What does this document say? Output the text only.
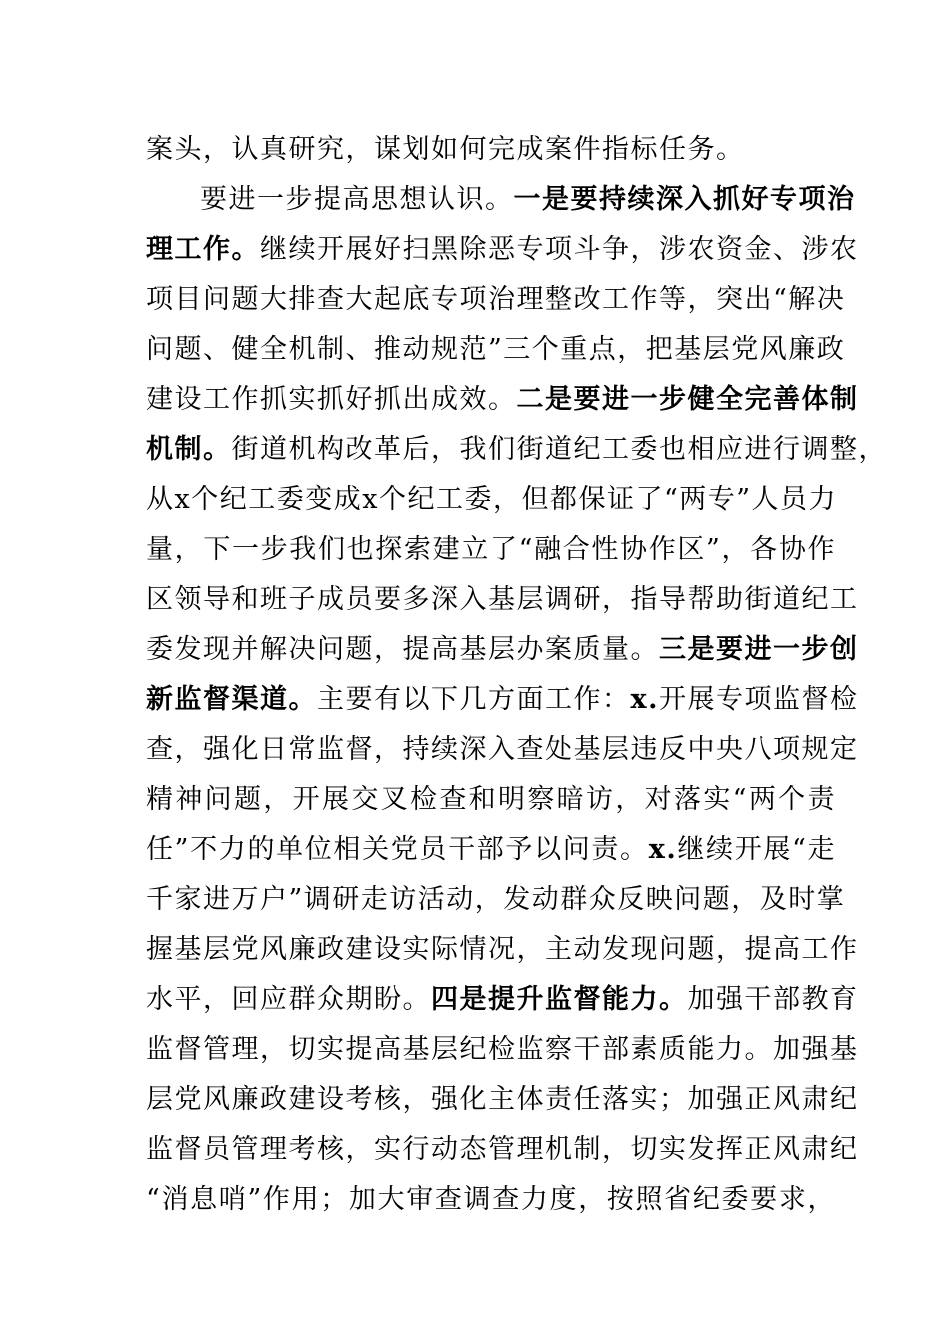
案头，认真研究，谋划如何完成案件指标任务。
要进一步提高思想认识。一是要持续深入抓好专项治
理工作。继续开展好扫黑除恶专项斗争，涉农资金、涉农
项目问题大排查大起底专项治理整改工作等，突出“解决
问题、健全机制、推动规范”三个重点，把基层党风廉政
建设工作抓实抓好抓出成效。二是要进一步健全完善体制
机制。街道机构改革后，我们街道纪工委也相应进行调整，
从x个纪工委变成x个纪工委，但都保证了“两专”人员力
量，下一步我们也探索建立了“融合性协作区”，各协作
区领导和班子成员要多深入基层调研，指导帮助街道纪工
委发现并解决问题，提高基层办案质量。三是要进一步创
新监督渠道。主要有以下几方面工作：x.开展专项监督检
查，强化日常监督，持续深入查处基层违反中央八项规定
精神问题，开展交叉检查和明察暗访，对落实“两个责
任”不力的单位相关党员干部予以问责。x.继续开展“走
千家进万户”调研走访活动，发动群众反映问题，及时掌
握基层党风廉政建设实际情况，主动发现问题，提高工作
水平，回应群众期盼。四是提升监督能力。加强干部教育
监督管理，切实提高基层纪检监察干部素质能力。加强基
层党风廉政建设考核，强化主体责任落实；加强正风肃纪
监督员管理考核，实行动态管理机制，切实发挥正风肃纪
“消息哨”作用；加大审查调查力度，按照省纪委要求，
